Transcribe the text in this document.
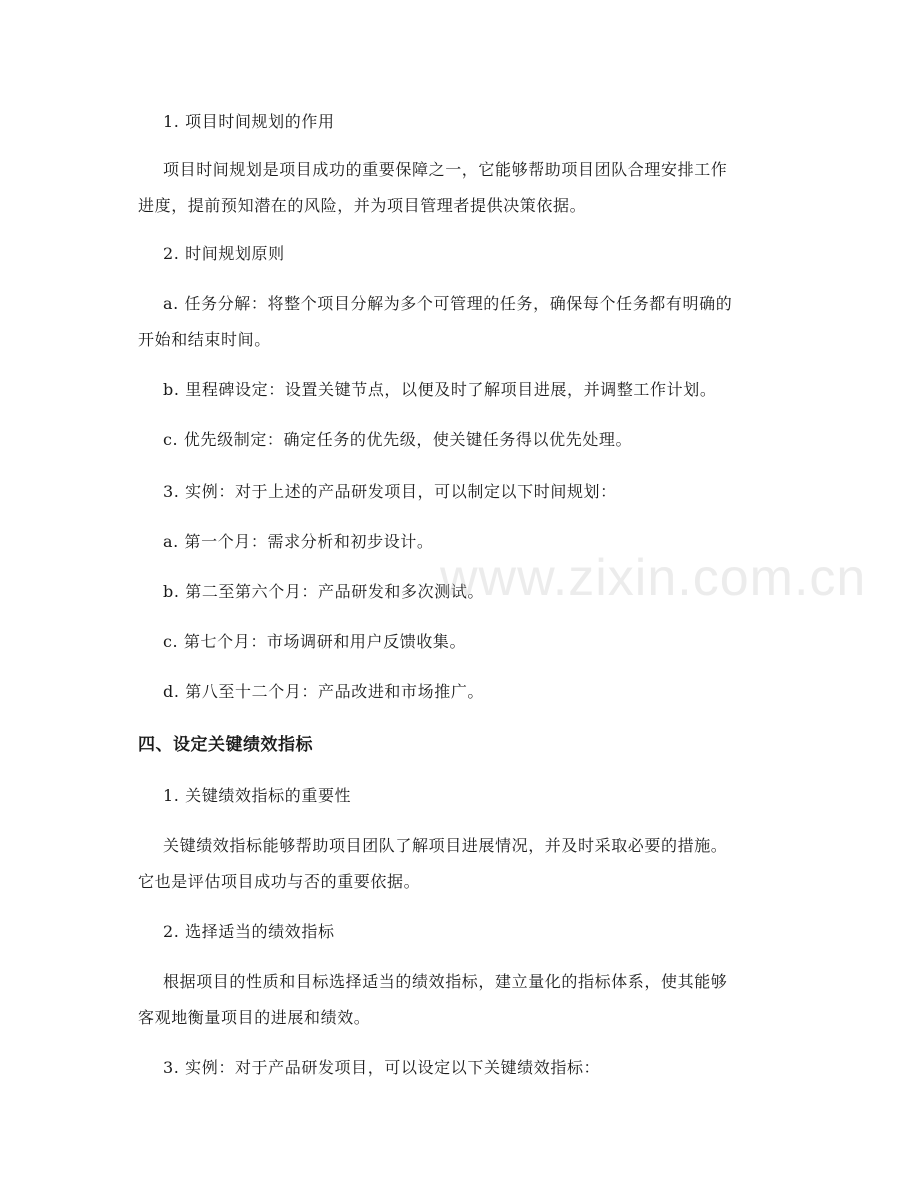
1. 项目时间规划的作用
项目时间规划是项目成功的重要保障之一，它能够帮助项目团队合理安排工作
进度，提前预知潜在的风险，并为项目管理者提供决策依据。
2. 时间规划原则
a. 任务分解：将整个项目分解为多个可管理的任务，确保每个任务都有明确的
开始和结束时间。
b. 里程碑设定：设置关键节点，以便及时了解项目进展，并调整工作计划。
c. 优先级制定：确定任务的优先级，使关键任务得以优先处理。
3. 实例：对于上述的产品研发项目，可以制定以下时间规划：
a. 第一个月：需求分析和初步设计。
b. 第二至第六个月：产品研发和多次测试。
c. 第七个月：市场调研和用户反馈收集。
d. 第八至十二个月：产品改进和市场推广。
四、设定关键绩效指标
1. 关键绩效指标的重要性
关键绩效指标能够帮助项目团队了解项目进展情况，并及时采取必要的措施。
它也是评估项目成功与否的重要依据。
2. 选择适当的绩效指标
根据项目的性质和目标选择适当的绩效指标，建立量化的指标体系，使其能够
客观地衡量项目的进展和绩效。
3. 实例：对于产品研发项目，可以设定以下关键绩效指标：
www.zixin.com.cn
